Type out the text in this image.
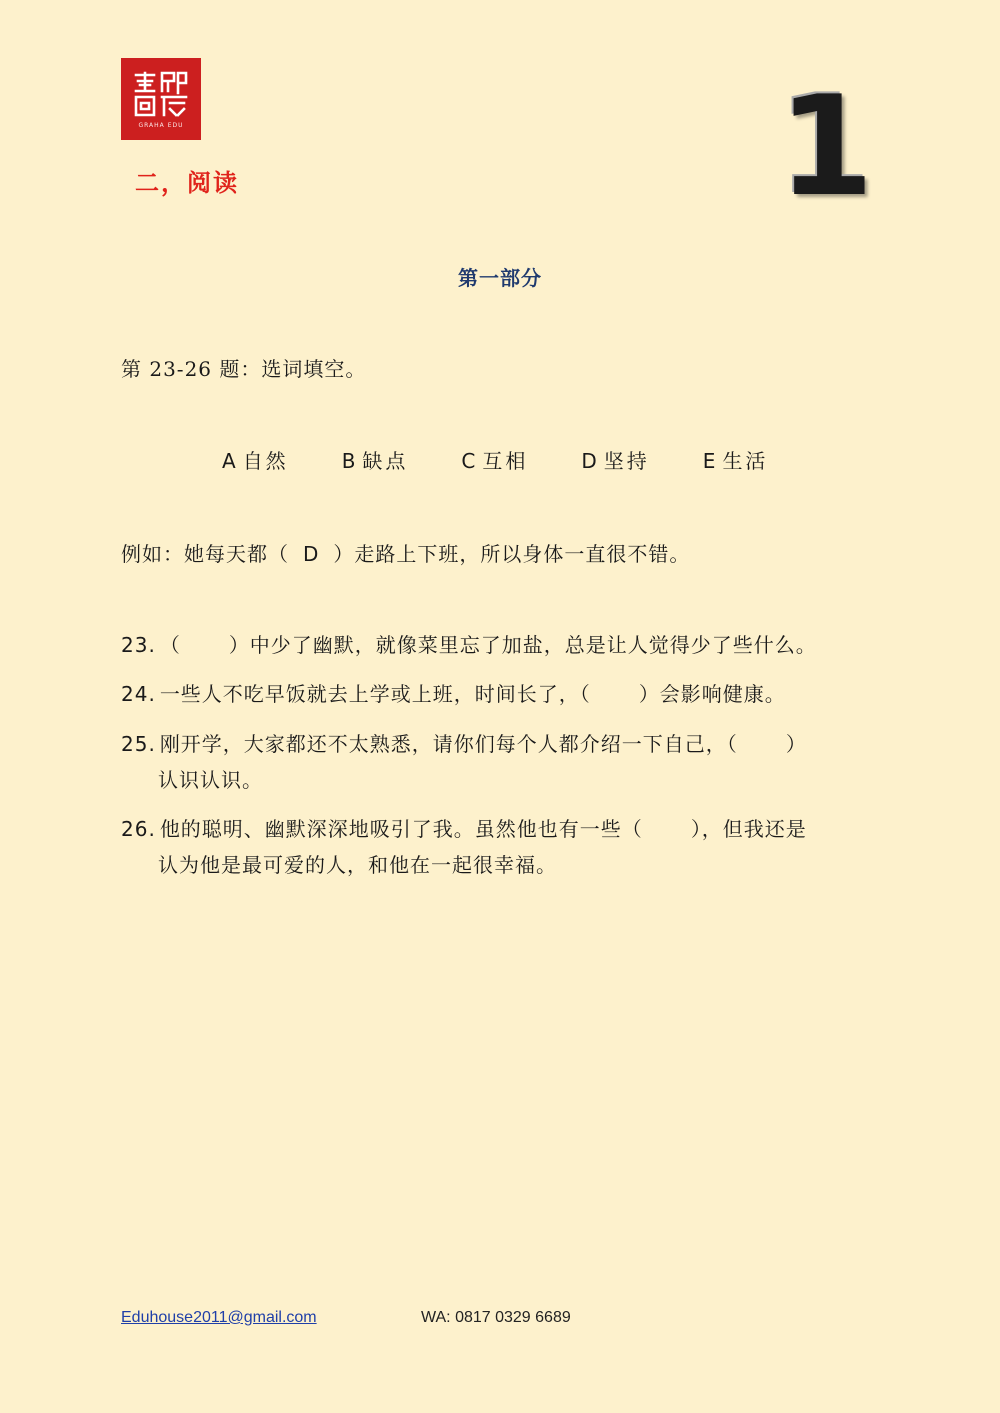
GRAHA EDU
二，阅读	1
第一部分
第 23-26 题：选词填空。
A 自然	B 缺点	C 互相	D 坚持	E 生活
例如：她每天都（ D ）走路上下班，所以身体一直很不错。
23. （ ）中少了幽默，就像菜里忘了加盐，总是让人觉得少了些什么。
24. 一些人不吃早饭就去上学或上班，时间长了，（ ）会影响健康。
25. 刚开学，大家都还不太熟悉，请你们每个人都介绍一下自己，（ ）
认识认识。
26. 他的聪明、幽默深深地吸引了我。虽然他也有一些（ ），但我还是
认为他是最可爱的人，和他在一起很幸福。
Eduhouse2011@gmail.com	WA: 0817 0329 6689
